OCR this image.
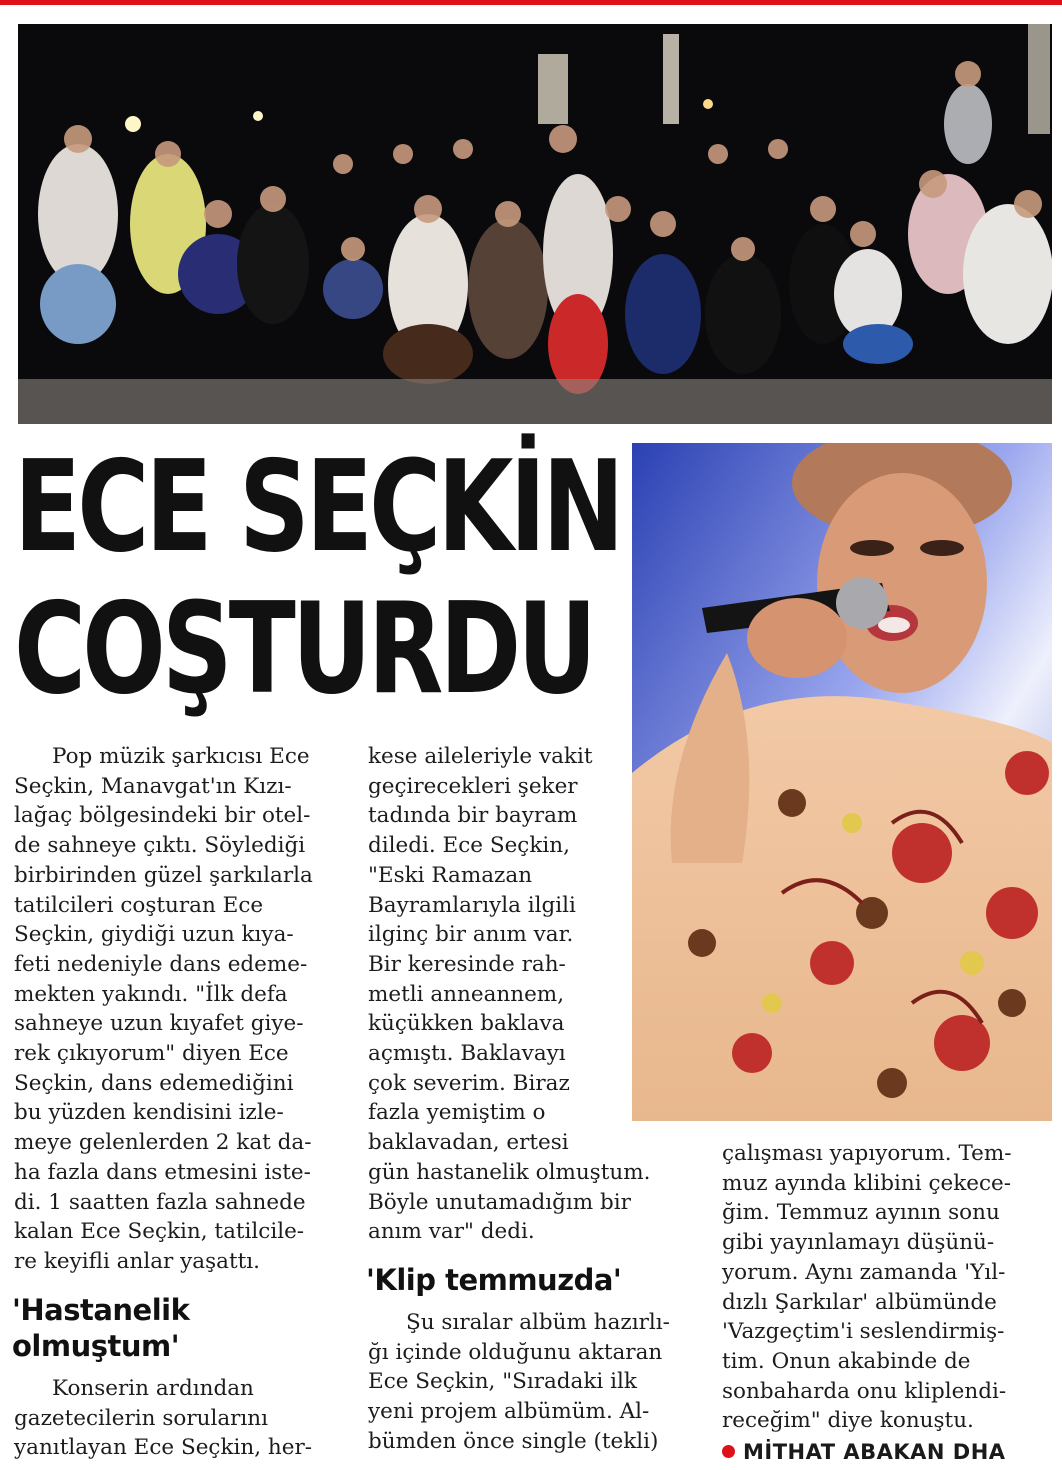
ECE SEÇKİN
COŞTURDU
Pop müzik şarkıcısı Ece
Seçkin, Manavgat'ın Kızı-
lağaç bölgesindeki bir otel-
de sahneye çıktı. Söylediği
birbirinden güzel şarkılarla
tatilcileri coşturan Ece
Seçkin, giydiği uzun kıya-
feti nedeniyle dans edeme-
mekten yakındı. "İlk defa
sahneye uzun kıyafet giye-
rek çıkıyorum" diyen Ece
Seçkin, dans edemediğini
bu yüzden kendisini izle-
meye gelenlerden 2 kat da-
ha fazla dans etmesini iste-
di. 1 saatten fazla sahnede
kalan Ece Seçkin, tatilcile-
re keyifli anlar yaşattı.
'Hastanelik
olmuştum'
Konserin ardından
gazetecilerin sorularını
yanıtlayan Ece Seçkin, her-
kese aileleriyle vakit
geçirecekleri şeker
tadında bir bayram
diledi. Ece Seçkin,
"Eski Ramazan
Bayramlarıyla ilgili
ilginç bir anım var.
Bir keresinde rah-
metli anneannem,
küçükken baklava
açmıştı. Baklavayı
çok severim. Biraz
fazla yemiştim o
baklavadan, ertesi
gün hastanelik olmuştum.
Böyle unutamadığım bir
anım var" dedi.
'Klip temmuzda'
Şu sıralar albüm hazırlı-
ğı içinde olduğunu aktaran
Ece Seçkin, "Sıradaki ilk
yeni projem albümüm. Al-
bümden önce single (tekli)
çalışması yapıyorum. Tem-
muz ayında klibini çekece-
ğim. Temmuz ayının sonu
gibi yayınlamayı düşünü-
yorum. Aynı zamanda 'Yıl-
dızlı Şarkılar' albümünde
'Vazgeçtim'i seslendirmiş-
tim. Onun akabinde de
sonbaharda onu kliplendi-
receğim" diye konuştu.
MİTHAT ABAKAN DHA
